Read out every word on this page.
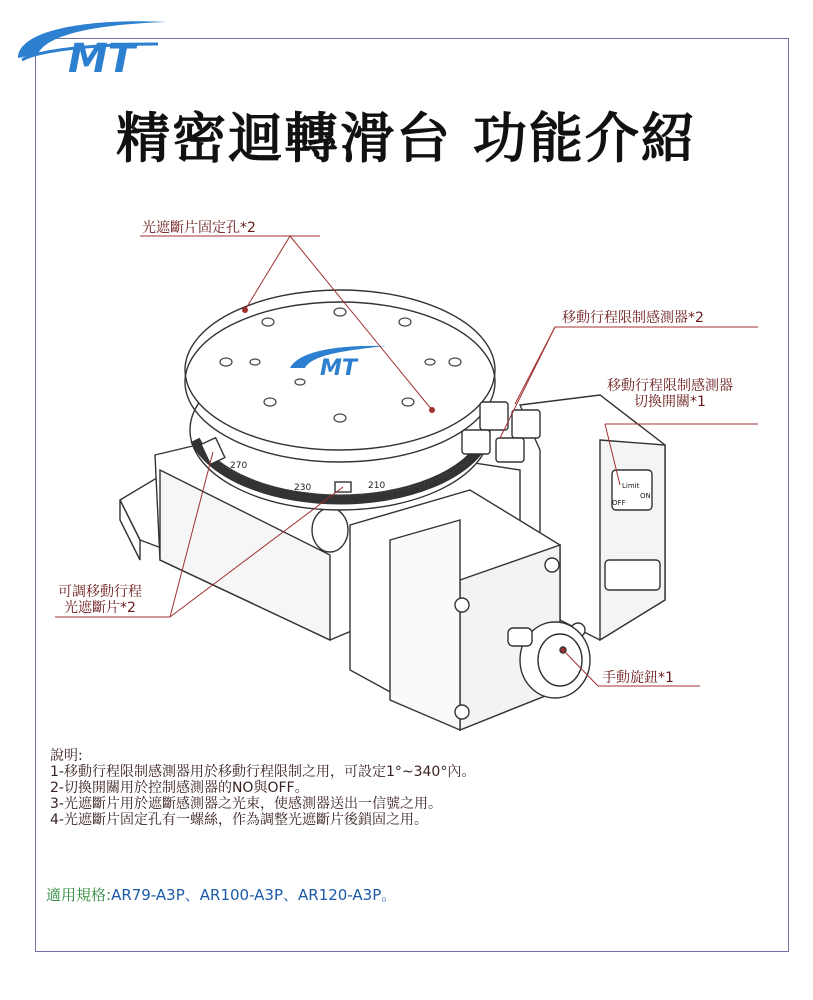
MT
精密迴轉滑台 功能介紹
MT
270
230	210	Limit
OFF
ON
光遮斷片固定孔*2
移動行程限制感測器*2
移動行程限制感測器
切換開關*1
可調移動行程
光遮斷片*2
手動旋鈕*1
說明:
1-移動行程限制感測器用於移動行程限制之用，可設定1°~340°內。
2-切換開關用於控制感測器的NO與OFF。
3-光遮斷片用於遮斷感測器之光束，使感測器送出一信號之用。
4-光遮斷片固定孔有一螺絲，作為調整光遮斷片後鎖固之用。
適用規格:AR79-A3P、AR100-A3P、AR120-A3P。
